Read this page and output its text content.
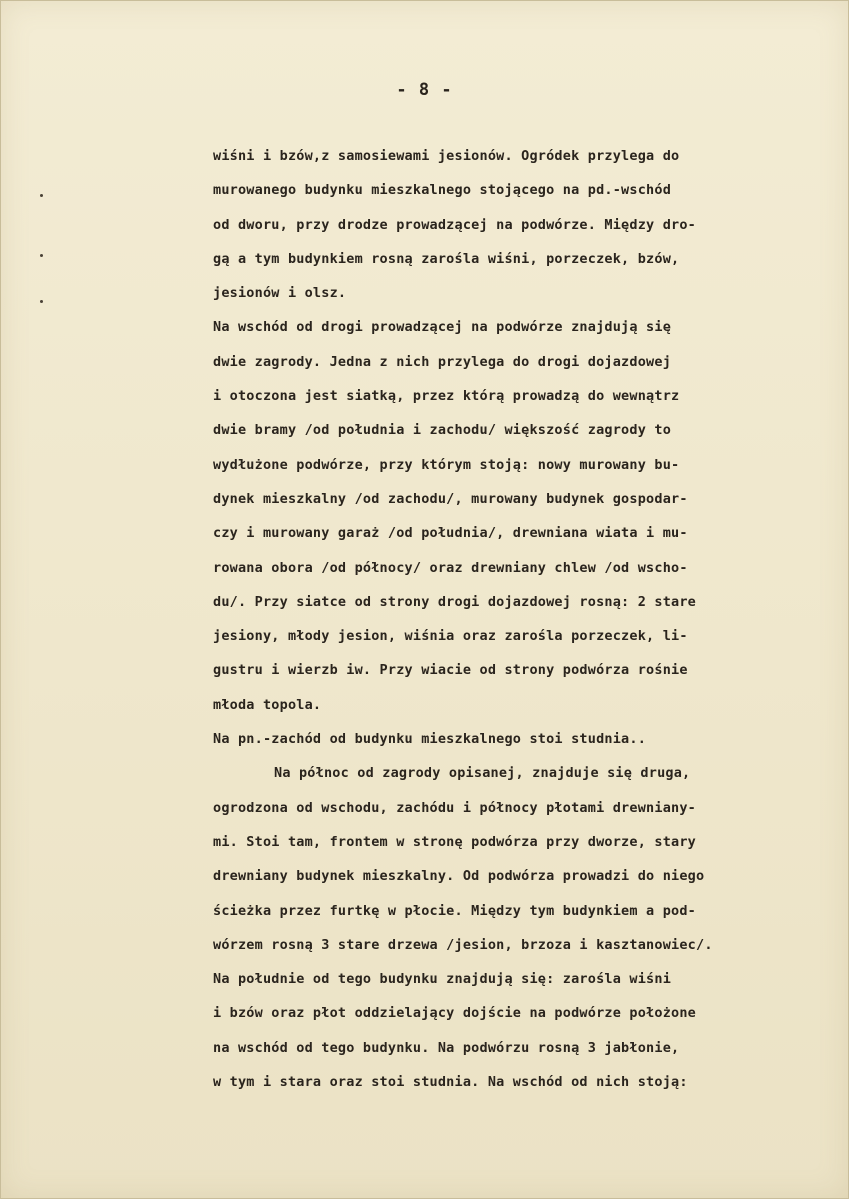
- 8 -
wiśni i bzów,z samosiewami jesionów. Ogródek przylega do
murowanego budynku mieszkalnego stojącego na pd.-wschód
od dworu, przy drodze prowadzącej na podwórze. Między dro-
gą a tym budynkiem rosną zarośla wiśni, porzeczek, bzów,
jesionów i olsz.
Na wschód od drogi prowadzącej na podwórze znajdują się
dwie zagrody. Jedna z nich przylega do drogi dojazdowej
i otoczona jest siatką, przez którą prowadzą do wewnątrz
dwie bramy /od południa i zachodu/ większość zagrody to
wydłużone podwórze, przy którym stoją: nowy murowany bu-
dynek mieszkalny /od zachodu/, murowany budynek gospodar-
czy i murowany garaż /od południa/, drewniana wiata i mu-
rowana obora /od północy/ oraz drewniany chlew /od wscho-
du/. Przy siatce od strony drogi dojazdowej rosną: 2 stare
jesiony, młody jesion, wiśnia oraz zarośla porzeczek, li-
gustru i wierzb iw. Przy wiacie od strony podwórza rośnie
młoda topola.
Na pn.-zachód od budynku mieszkalnego stoi studnia..
Na północ od zagrody opisanej, znajduje się druga,
ogrodzona od wschodu, zachódu i północy płotami drewniany-
mi. Stoi tam, frontem w stronę podwórza przy dworze, stary
drewniany budynek mieszkalny. Od podwórza prowadzi do niego
ścieżka przez furtkę w płocie. Między tym budynkiem a pod-
wórzem rosną 3 stare drzewa /jesion, brzoza i kasztanowiec/.
Na południe od tego budynku znajdują się: zarośla wiśni
i bzów oraz płot oddzielający dojście na podwórze położone
na wschód od tego budynku. Na podwórzu rosną 3 jabłonie,
w tym i stara oraz stoi studnia. Na wschód od nich stoją:
